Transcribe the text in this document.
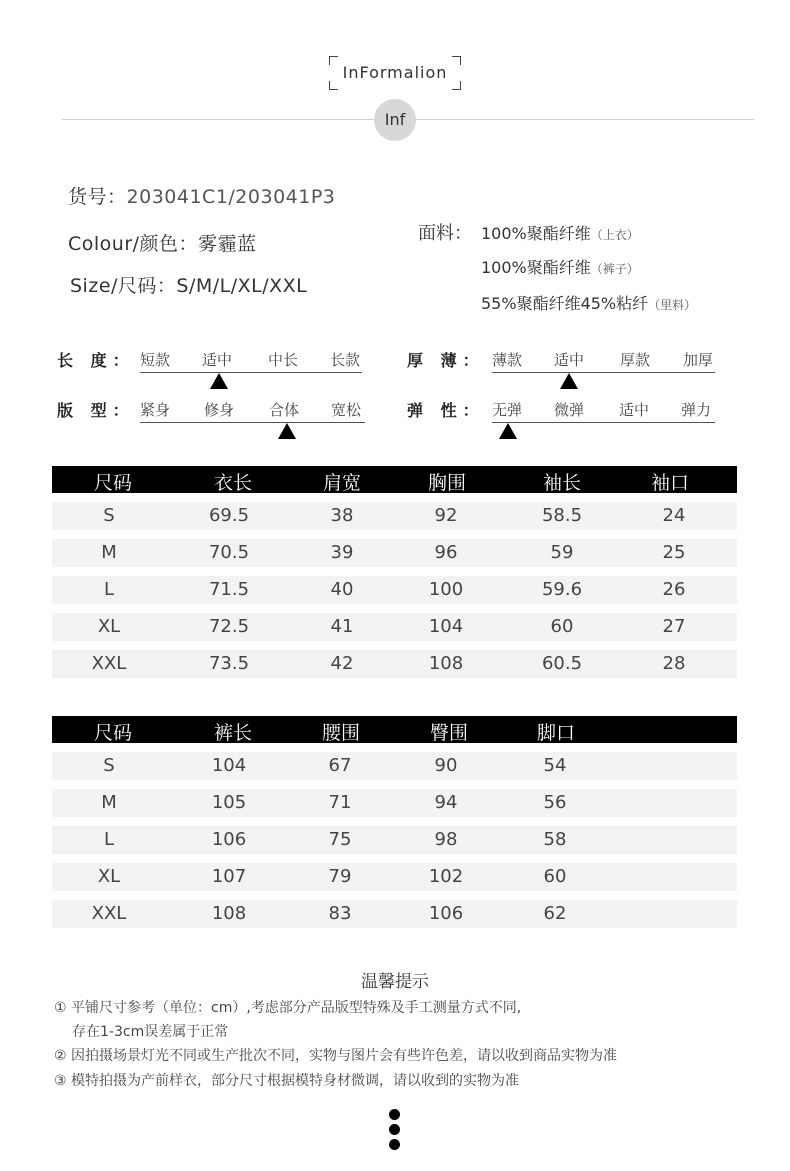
InFormalion
Inf
货号：203041C1/203041P3
Colour/颜色：雾霾蓝
Size/尺码：S/M/L/XL/XXL
面料： 100%聚酯纤维（上衣）
100%聚酯纤维（裤子）
55%聚酯纤维45%粘纤（里料）
长 度： 短款 适中 中长 长款	厚 薄： 薄款 适中 厚款 加厚
版 型： 紧身 修身 合体 宽松	弹 性： 无弹 微弹 适中 弹力
尺码	衣长	肩宽	胸围	袖长	袖口
S	69.5	38	92	58.5	24
M	70.5	39	96	59	25
L	71.5	40	100	59.6	26
XL	72.5	41	104	60	27
XXL	73.5	42	108	60.5	28
尺码	裤长	腰围	臀围	脚口
S	104	67	90	54
M	105	71	94	56
L	106	75	98	58
XL	107	79	102	60
XXL	108	83	106	62
温馨提示
① 平铺尺寸参考（单位：cm）,考虑部分产品版型特殊及手工测量方式不同,
存在1-3cm误差属于正常
② 因拍摄场景灯光不同或生产批次不同，实物与图片会有些许色差，请以收到商品实物为准
③ 模特拍摄为产前样衣，部分尺寸根据模特身材微调，请以收到的实物为准
